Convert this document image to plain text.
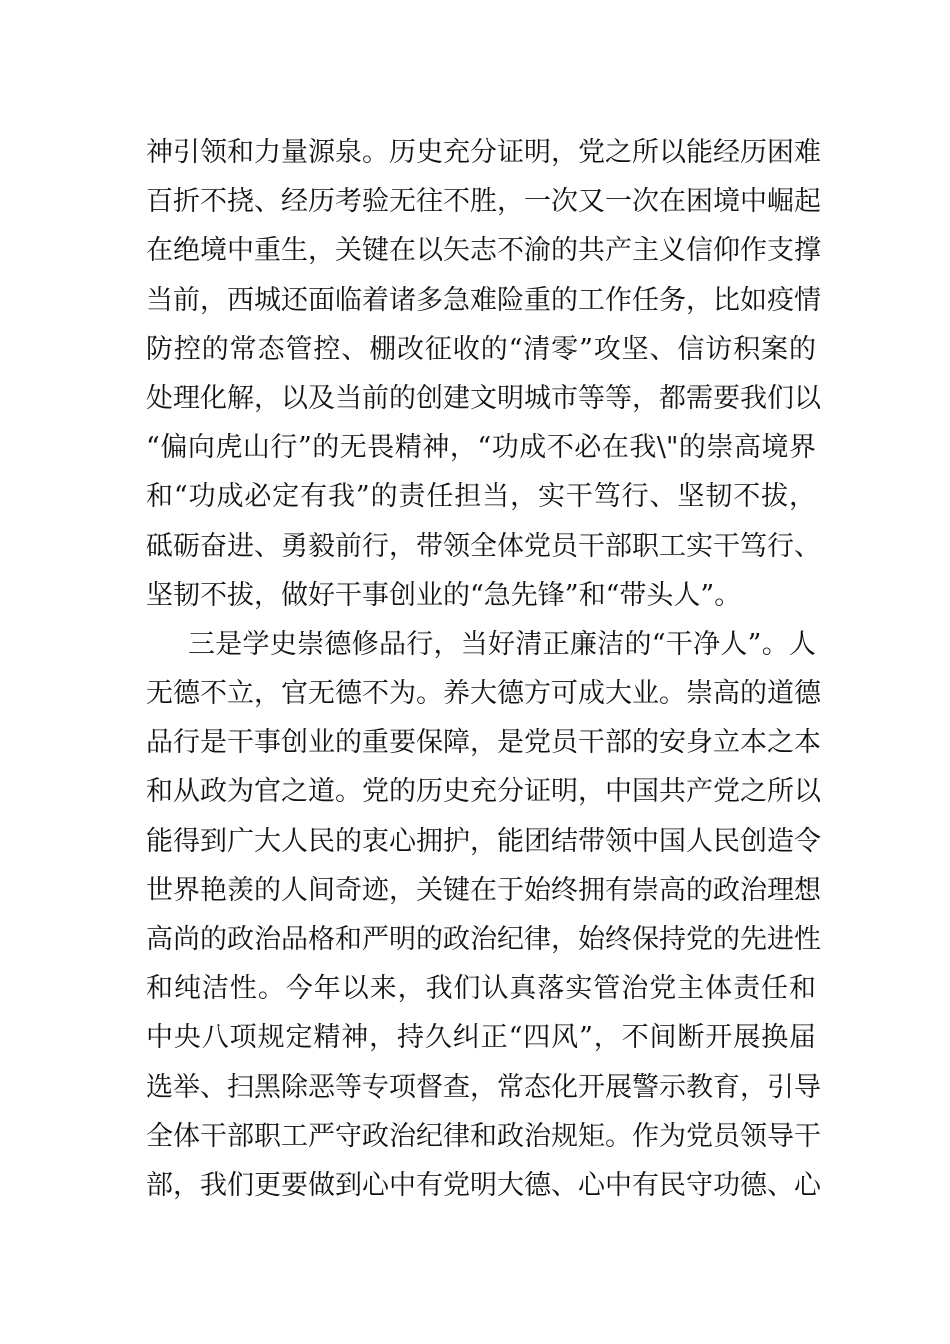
神引领和力量源泉。历史充分证明，党之所以能经历困难
百折不挠、经历考验无往不胜，一次又一次在困境中崛起
在绝境中重生，关键在以矢志不渝的共产主义信仰作支撑
当前，西城还面临着诸多急难险重的工作任务，比如疫情
防控的常态管控、棚改征收的“清零”攻坚、信访积案的
处理化解，以及当前的创建文明城市等等，都需要我们以
“偏向虎山行”的无畏精神，“功成不必在我\"的崇高境界
和“功成必定有我”的责任担当，实干笃行、坚韧不拔，
砥砺奋进、勇毅前行，带领全体党员干部职工实干笃行、
坚韧不拔，做好干事创业的“急先锋”和“带头人”。
三是学史崇德修品行，当好清正廉洁的“干净人”。人
无德不立，官无德不为。养大德方可成大业。崇高的道德
品行是干事创业的重要保障，是党员干部的安身立本之本
和从政为官之道。党的历史充分证明，中国共产党之所以
能得到广大人民的衷心拥护，能团结带领中国人民创造令
世界艳羡的人间奇迹，关键在于始终拥有崇高的政治理想
高尚的政治品格和严明的政治纪律，始终保持党的先进性
和纯洁性。今年以来，我们认真落实管治党主体责任和
中央八项规定精神，持久纠正“四风”，不间断开展换届
选举、扫黑除恶等专项督查，常态化开展警示教育，引导
全体干部职工严守政治纪律和政治规矩。作为党员领导干
部，我们更要做到心中有党明大德、心中有民守功德、心
